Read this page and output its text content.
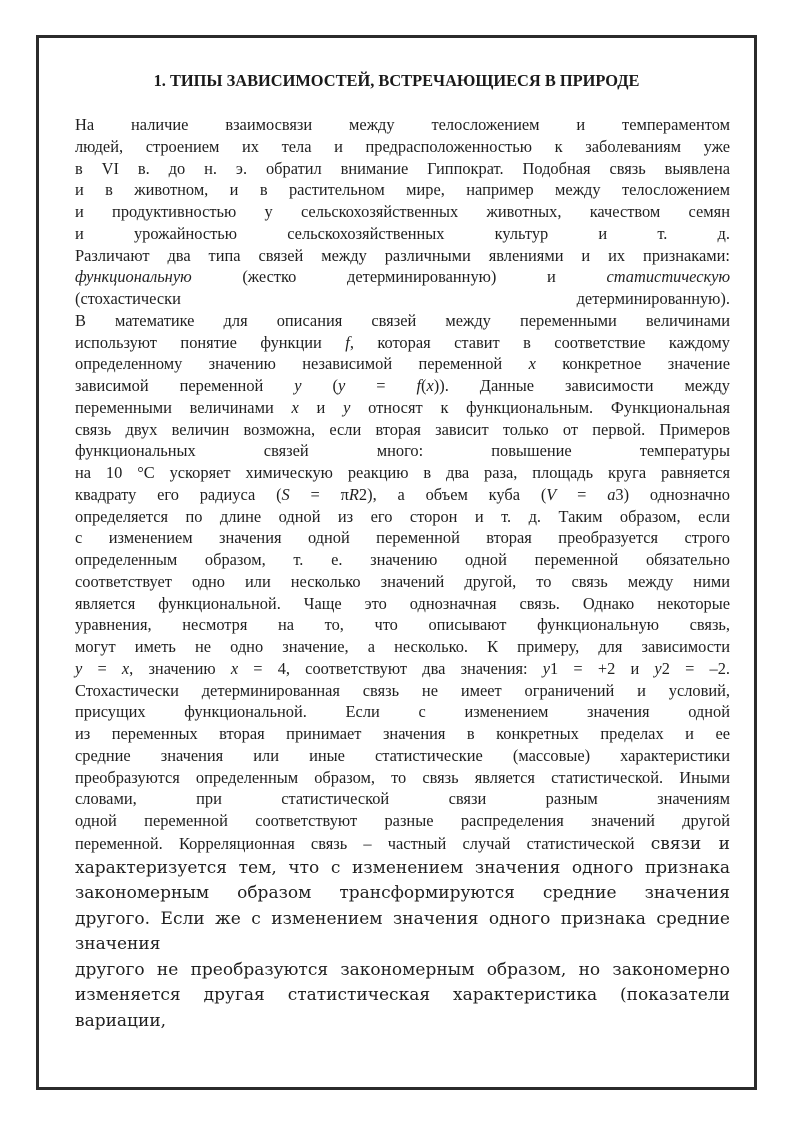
1. ТИПЫ ЗАВИСИМОСТЕЙ, ВСТРЕЧАЮЩИЕСЯ В ПРИРОДЕ
На наличие взаимосвязи между телосложением и темпераментом
людей, строением их тела и предрасположенностью к заболеваниям уже
в VI в. до н. э. обратил внимание Гиппократ. Подобная связь выявлена
и в животном, и в растительном мире, например между телосложением
и продуктивностью у сельскохозяйственных животных, качеством семян
и урожайностью сельскохозяйственных культур и т. д.
Различают два типа связей между различными явлениями и их признаками:
функциональную (жестко детерминированную) и статистическую
(стохастически детерминированную).
В математике для описания связей между переменными величинами
используют понятие функции f, которая ставит в соответствие каждому
определенному значению независимой переменной x конкретное значение
зависимой переменной y (y = f(x)). Данные зависимости между
переменными величинами x и y относят к функциональным. Функциональная
связь двух величин возможна, если вторая зависит только от первой. Примеров
функциональных связей много: повышение температуры
на 10 °С ускоряет химическую реакцию в два раза, площадь круга равняется
квадрату его радиуса (S = πR2), а объем куба (V = a3) однозначно
определяется по длине одной из его сторон и т. д. Таким образом, если
с изменением значения одной переменной вторая преобразуется строго
определенным образом, т. е. значению одной переменной обязательно
соответствует одно или несколько значений другой, то связь между ними
является функциональной. Чаще это однозначная связь. Однако некоторые
уравнения, несмотря на то, что описывают функциональную связь,
могут иметь не одно значение, а несколько. К примеру, для зависимости
y = x, значению x = 4, соответствуют два значения: y1 = +2 и y2 = –2.
Стохастически детерминированная связь не имеет ограничений и условий,
присущих функциональной. Если с изменением значения одной
из переменных вторая принимает значения в конкретных пределах и ее
средние значения или иные статистические (массовые) характеристики
преобразуются определенным образом, то связь является статистической. Иными
словами, при статистической связи разным значениям
одной переменной соответствуют разные распределения значений другой
переменной. Корреляционная связь – частный случай статистической связи и
характеризуется тем, что с изменением значения одного признака
закономерным образом трансформируются средние значения
другого. Если же с изменением значения одного признака средние
значения
другого не преобразуются закономерным образом, но закономерно
изменяется другая статистическая характеристика (показатели
вариации,
